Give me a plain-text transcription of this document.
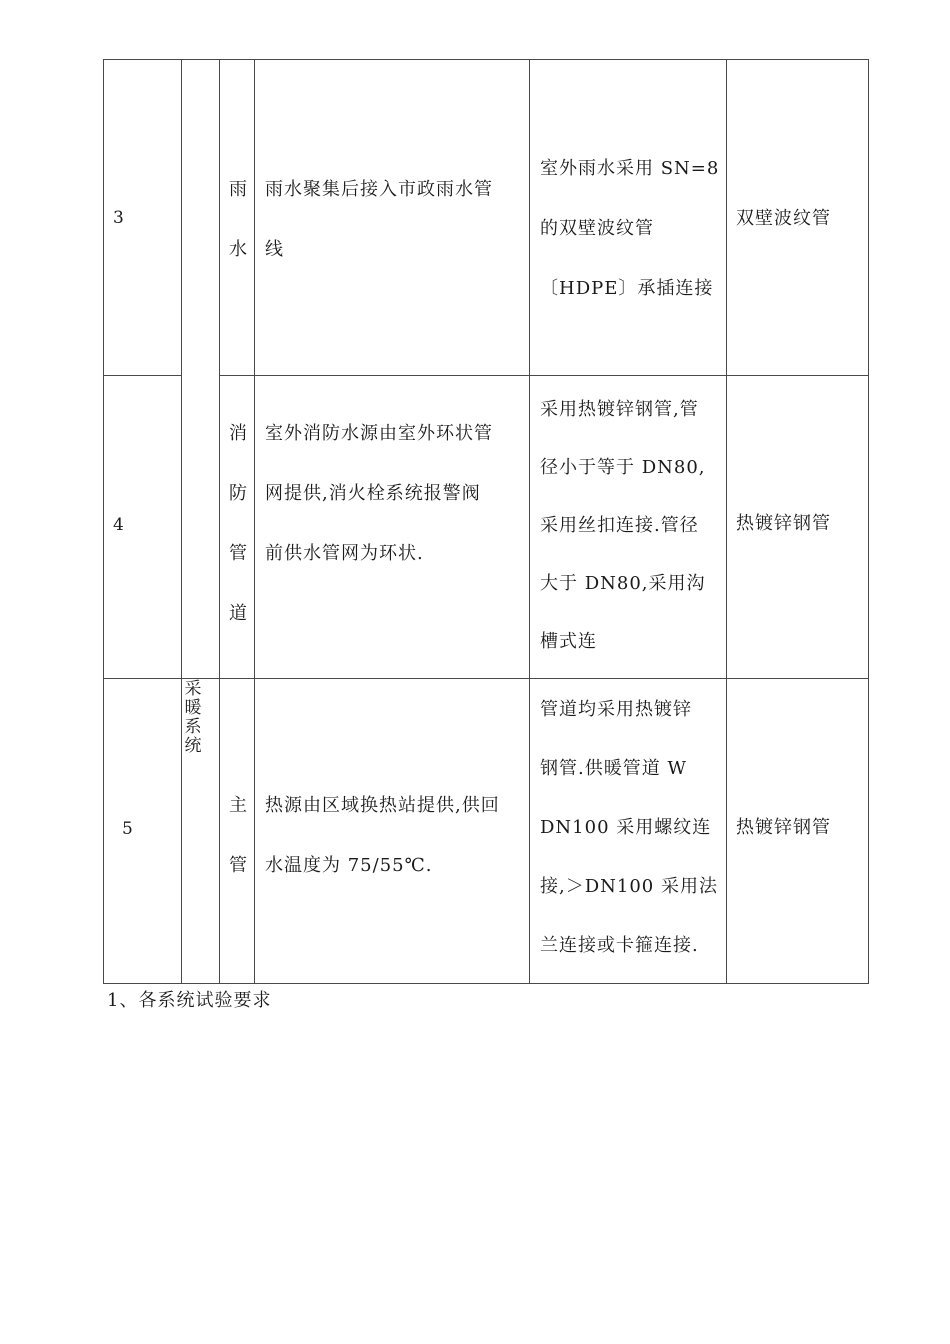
3
雨
水
雨水聚集后接入市政雨水管
线
室外雨水采用 SN=8
的双壁波纹管
〔HDPE〕承插连接
双壁波纹管
4
消
防
管
道
室外消防水源由室外环状管
网提供,消火栓系统报警阀
前供水管网为环状.
采用热镀锌钢管,管
径小于等于 DN80,
采用丝扣连接.管径
大于 DN80,采用沟
槽式连
热镀锌钢管
5
采
暖
系
统
主
管
热源由区域换热站提供,供回
水温度为 75/55℃.
管道均采用热镀锌
钢管.供暖管道 W
DN100 采用螺纹连
接,＞DN100 采用法
兰连接或卡箍连接.
热镀锌钢管
1、各系统试验要求
